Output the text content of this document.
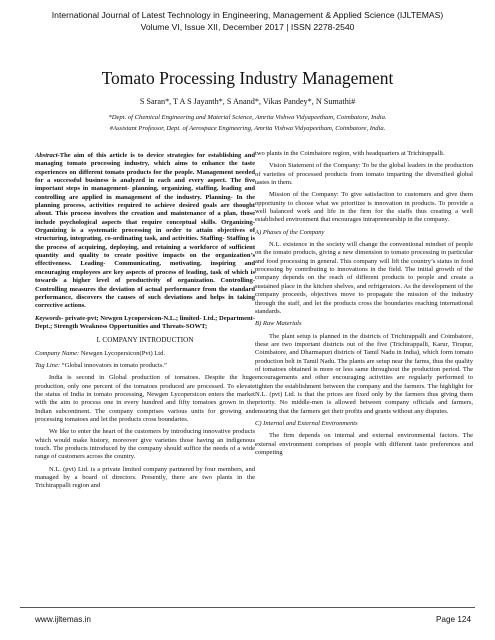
International Journal of Latest Technology in Engineering, Management & Applied Science (IJLTEMAS)
Volume VI, Issue XII, December 2017 | ISSN 2278-2540
Tomato Processing Industry Management
S Saran*, T A S Jayanth*, S Anand*, Vikas Pandey*, N Sumathi#
*Dept. of Chemical Engineering and Material Science, Amrita Vishwa Vidyapeetham, Coimbatore, India.
#Assistant Professor, Dept. of Aerospace Engineering, Amrita Vishwa Vidyapeetham, Coimbatore, India.

Abstract-The aim of this article is to device strategies for establishing and managing tomato processing industry, which aims to enhance the taste experiences on different tomato products for the people. Management needed for a successful business is analyzed in each and every aspect. The five important steps in management- planning, organizing, staffing, leading and controlling are applied in management of the industry. Planning- In the planning process, activities required to achieve desired goals are thought about. This process involves the creation and maintenance of a plan, those include psychological aspects that require conceptual skills. Organizing- Organizing is a systematic processing in order to attain objectives of structuring, integrating, co-ordinating task, and activities. Staffing- Staffing is the process of acquiring, deploying, and retaining a workforce of sufficient quantity and quality to create positive impacts on the organization’s effectiveness. Leading- Communicating, motivating, inspiring and encouraging employees are key aspects of process of leading, task of which is towards a higher level of productivity of organization. Controlling- Controlling measures the deviation of actual performance from the standard performance, discovers the causes of such deviations and helps in taking corrective actions.

Keywords- private-pvt; Newgen Lycopersicon-N.L.; limited- Ltd.; Department-Dept.; Strength Weakness Opportunities and Threats-SOWT;

I. COMPANY INTRODUCTION

Company Name: Newgen Lycopersicon(Pvt) Ltd.

Tag Line: “Global innovators in tomato products.”

India is second in Global production of tomatoes. Despite the huge production, only one percent of the tomatoes produced are processed. To elevate the status of India in tomato processing, Newgen Lycopersicon enters the market with the aim to process one in every hundred and fifty tomatoes grown in the Indian subcontinent. The company comprises various units for growing and processing tomatoes and let the products cross boundaries.

We like to enter the heart of the customers by introducing innovative products which would make history, moreover give varieties those having an indigenous touch. The products introduced by the company should suffice the needs of a wide range of customers across the country.

N.L. (pvt) Ltd. is a private limited company partnered by four members, and managed by a board of directors. Presently, there are two plants in the Trichirappalli region and

two plants in the Coimbatore region, with headquarters at Trichirappalli.

Vision Statement of the Company: To be the global leaders in the production of varieties of processed products from tomato imparting the diversified global tastes in them.

Mission of the Company: To give satisfaction to customers and give them opportunity to choose what we prioritize is innovation in products. To provide a well balanced work and life in the firm for the staffs thus creating a well established environment that encourages intrapreneurship in the company.

A) Phases of the Company

N.L. existence in the society will change the conventional mindset of people on the tomato products, giving a new dimension to tomato processing in particular and food processing in general. This company will lift the country’s status in food processing by contributing to innovations in the field. The initial growth of the company depends on the reach of different products to people and create a sustained place in the kitchen shelves, and refrigerators. As the development of the company proceeds, objectives move to propagate the mission of the industry through the staff, and let the products cross the boundaries reaching international standards.

B) Raw Materials

The plant setup is planned in the districts of Trichirappalli and Coimbatore, these are two important districts out of the five (Trichirappalli, Karur, Tirupur, Coimbatore, and Dharmapuri districts of Tamil Nadu in India), which form tomato production belt in Tamil Nadu. The plants are setup near the farms, thus the quality of tomatoes obtained is more or less same throughout the production period. The encouragements and other encouraging activities are regularly performed to tighten the establishment between the company and the farmers. The highlight for N.L. (pvt) Ltd. is that the prices are fixed only by the farmers thus giving them priority. No middle-men is allowed between company officials and farmers, ensuring that the farmers get their profits and grants without any disputes.

C) Internal and External Environments

The firm depends on internal and external environmental factors. The external environment comprises of people with different taste preferences and competing

www.ijltemas.in	Page 124
